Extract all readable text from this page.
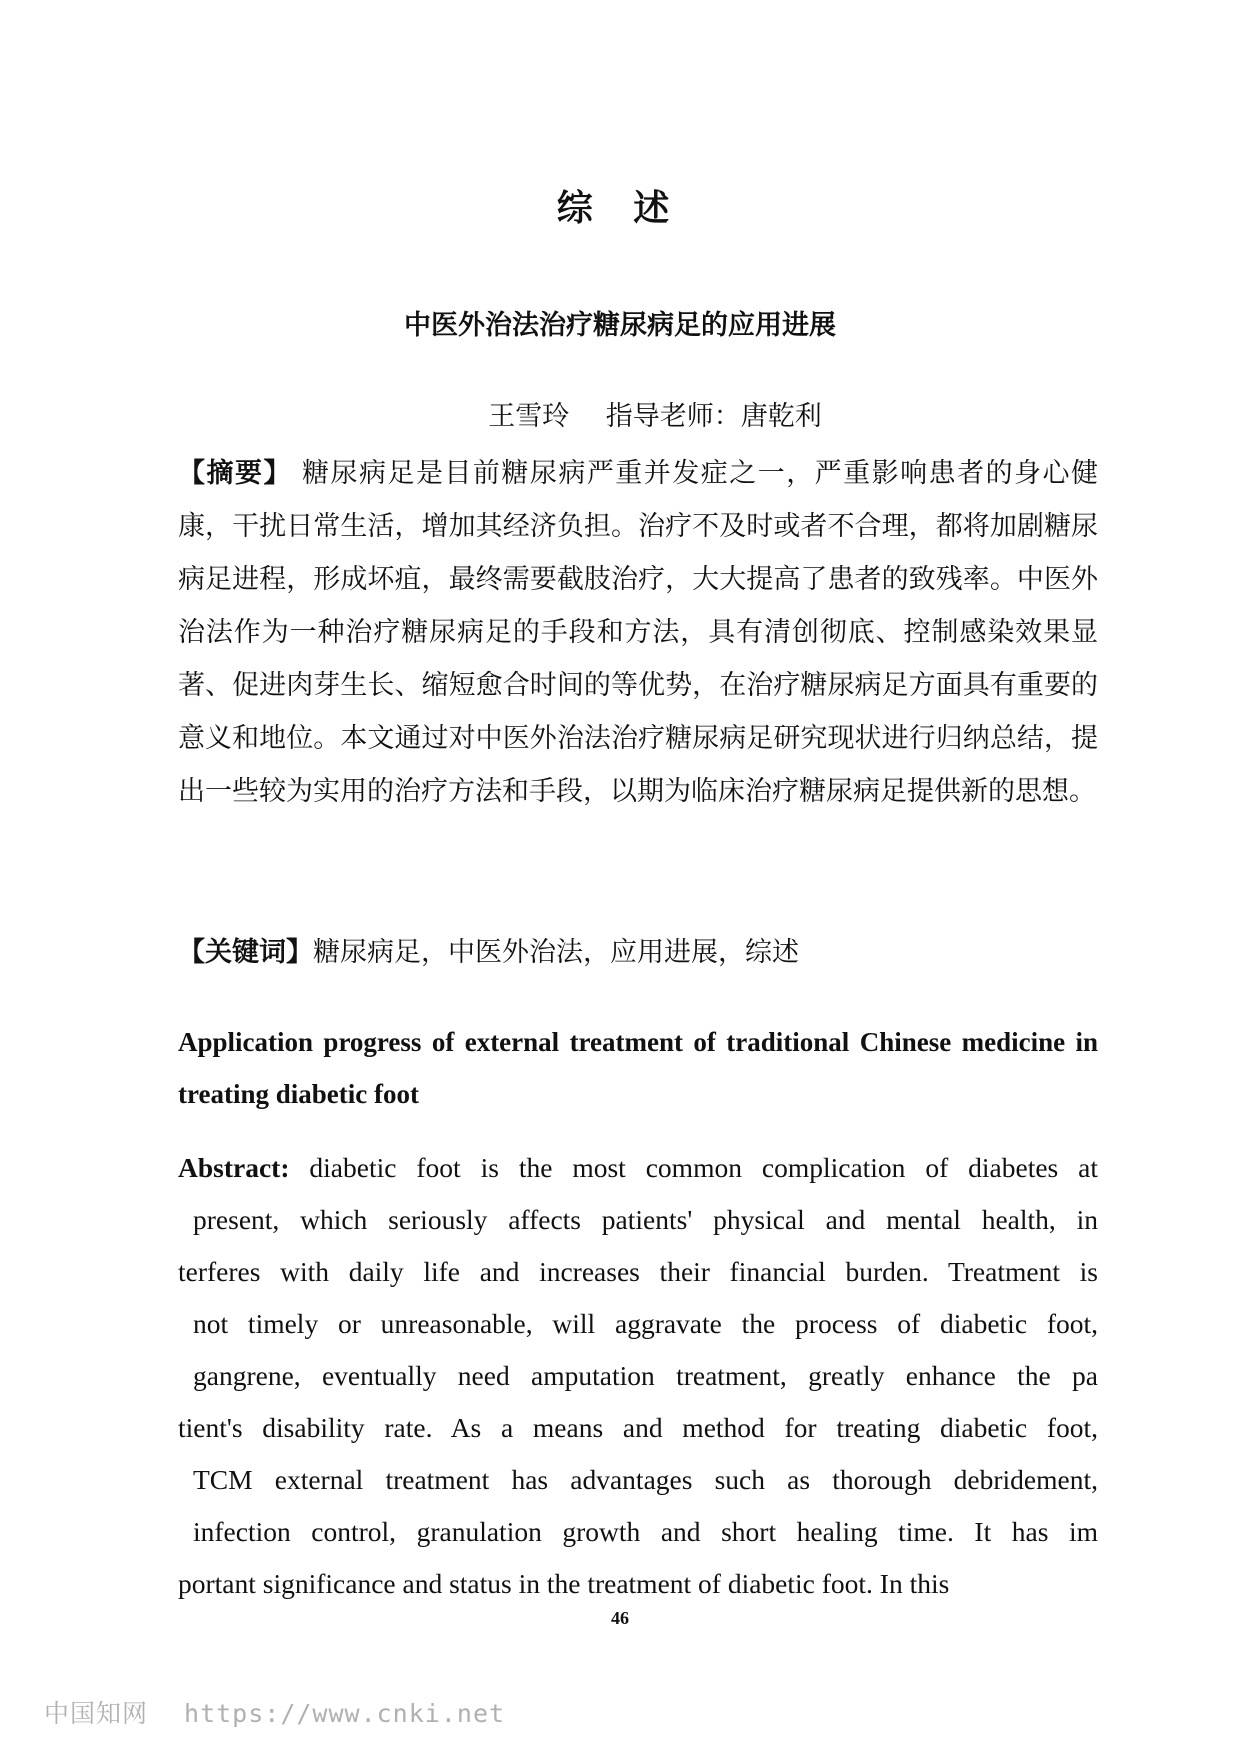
综 述
中医外治法治疗糖尿病足的应用进展
王雪玲 指导老师：唐乾利
【摘要】 糖尿病足是目前糖尿病严重并发症之一，严重影响患者的身心健康，干扰日常生活，增加其经济负担。治疗不及时或者不合理，都将加剧糖尿病足进程，形成坏疽，最终需要截肢治疗，大大提高了患者的致残率。中医外治法作为一种治疗糖尿病足的手段和方法，具有清创彻底、控制感染效果显著、促进肉芽生长、缩短愈合时间的等优势，在治疗糖尿病足方面具有重要的意义和地位。本文通过对中医外治法治疗糖尿病足研究现状进行归纳总结，提出一些较为实用的治疗方法和手段，以期为临床治疗糖尿病足提供新的思想。
【关键词】糖尿病足，中医外治法，应用进展，综述
Application progress of external treatment of traditional Chinese medicine in treating diabetic foot
Abstract: diabetic foot is the most common complication of diabetes at
present, which seriously affects patients' physical and mental health, in
terferes with daily life and increases their financial burden. Treatment is
not timely or unreasonable, will aggravate the process of diabetic foot,
gangrene, eventually need amputation treatment, greatly enhance the pa
tient's disability rate. As a means and method for treating diabetic foot,
TCM external treatment has advantages such as thorough debridement,
infection control, granulation growth and short healing time. It has im
portant significance and status in the treatment of diabetic foot. In this
46
中国知网 https://www.cnki.net
